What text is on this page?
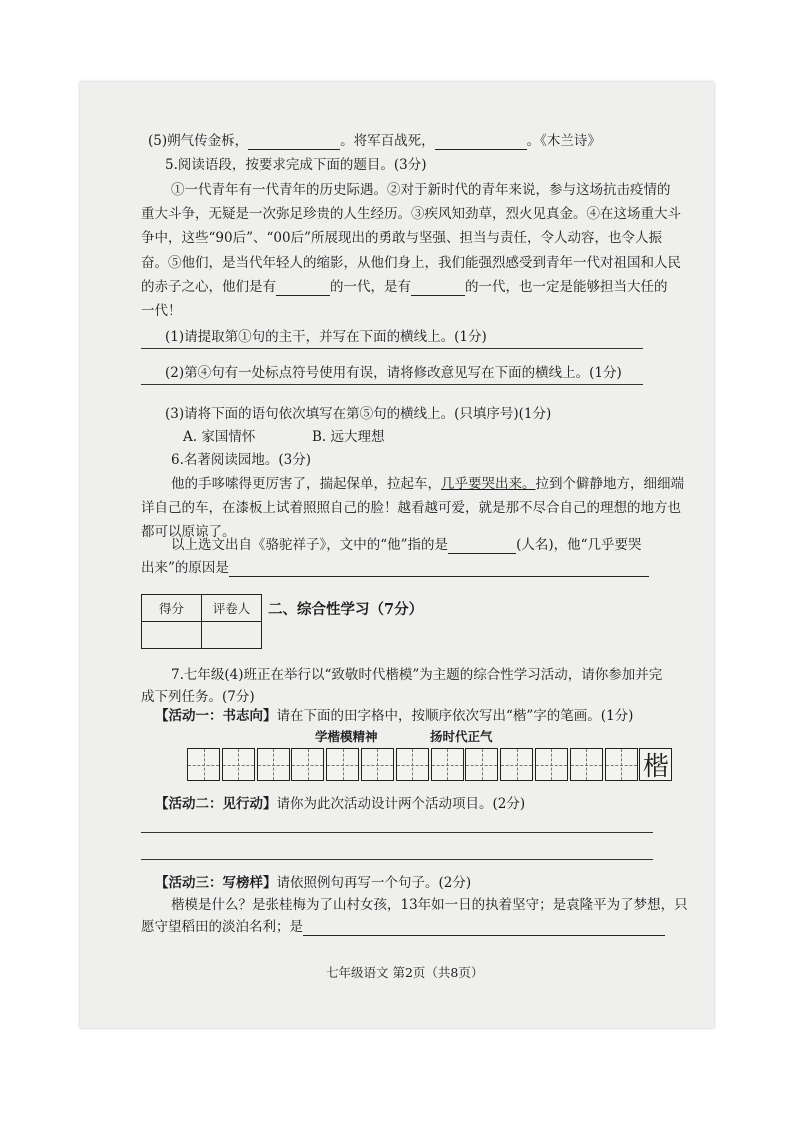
(5)朔气传金柝，	。将军百战死，	。《木兰诗》
5.阅读语段，按要求完成下面的题目。(3分)
①一代青年有一代青年的历史际遇。②对于新时代的青年来说，参与这场抗击疫情的
重大斗争，无疑是一次弥足珍贵的人生经历。③疾风知劲草，烈火见真金。④在这场重大斗
争中，这些“90后”、“00后”所展现出的勇敢与坚强、担当与责任，令人动容，也令人振
奋。⑤他们，是当代年轻人的缩影，从他们身上，我们能强烈感受到青年一代对祖国和人民
的赤子之心，他们是有	的一代，是有	的一代，也一定是能够担当大任的
一代！
(1)请提取第①句的主干，并写在下面的横线上。(1分)
(2)第④句有一处标点符号使用有误，请将修改意见写在下面的横线上。(1分)
(3)请将下面的语句依次填写在第⑤句的横线上。(只填序号)(1分)
A. 家国情怀	B. 远大理想
6.名著阅读园地。(3分)
他的手哆嗦得更厉害了，揣起保单，拉起车，几乎要哭出来。拉到个僻静地方，细细端
详自己的车，在漆板上试着照照自己的脸！越看越可爱，就是那不尽合自己的理想的地方也
都可以原谅了。
以上选文出自《骆驼祥子》，文中的“他”指的是	(人名)，他“几乎要哭
出来”的原因是
得分	评卷人
	二、综合性学习（7分）
7.七年级(4)班正在举行以“致敬时代楷模”为主题的综合性学习活动，请你参加并完
成下列任务。(7分)
【活动一：书志向】请在下面的田字格中，按顺序依次写出“楷”字的笔画。(1分)
学楷模精神	扬时代正气
楷
【活动二：见行动】请你为此次活动设计两个活动项目。(2分)
【活动三：写榜样】请依照例句再写一个句子。(2分)
楷模是什么？是张桂梅为了山村女孩，13年如一日的执着坚守；是袁隆平为了梦想，只
愿守望稻田的淡泊名利；是
七年级语文 第2页（共8页）
